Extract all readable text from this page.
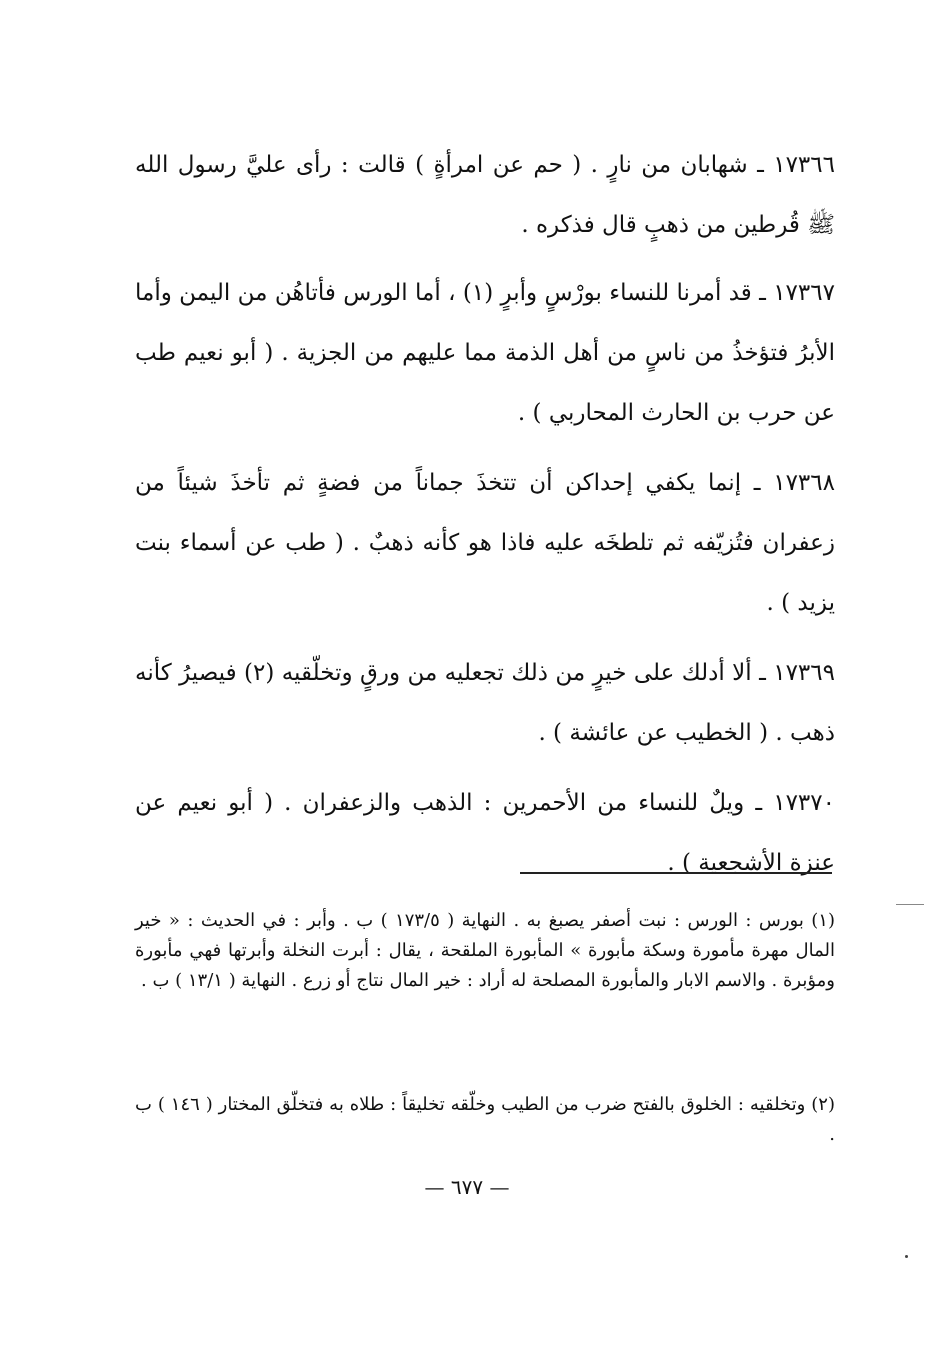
١٧٣٦٦ ـ شهابان من نارٍ . ( حم عن امرأةٍ ) قالت : رأى عليَّ رسول الله ﷺ قُرطين من ذهبٍ قال فذكره .

١٧٣٦٧ ـ قد أمرنا للنساء بورْسٍ وأبرٍ (١) ، أما الورس فأتاهُن من اليمن وأما الأبرُ فتؤخذُ من ناسٍ من أهل الذمة مما عليهم من الجزية . ( أبو نعيم طب عن حرب بن الحارث المحاربي ) .

١٧٣٦٨ ـ إنما يكفي إحداكن أن تتخذَ جماناً من فضةٍ ثم تأخذَ شيئاً من زعفران فتُزيّفه ثم تلطخَه عليه فاذا هو كأنه ذهبٌ . ( طب عن أسماء بنت يزيد ) .

١٧٣٦٩ ـ ألا أدلك على خيرٍ من ذلك تجعليه من ورقٍ وتخلّقيه (٢) فيصيرُ كأنه ذهب . ( الخطيب عن عائشة ) .

١٧٣٧٠ ـ ويلٌ للنساء من الأحمرين : الذهب والزعفران . ( أبو نعيم عن عنزة الأشجعية ) .

(١) بورس : الورس : نبت أصفر يصبغ به . النهاية ( ١٧٣/٥ ) ب . وأبر : في الحديث : « خير المال مهرة مأمورة وسكة مأبورة » المأبورة الملقحة ، يقال : أبرت النخلة وأبرتها فهي مأبورة ومؤبرة . والاسم الابار والمأبورة المصلحة له أراد : خير المال نتاج أو زرع . النهاية ( ١٣/١ ) ب .

(٢) وتخلقيه : الخلوق بالفتح ضرب من الطيب وخلّقه تخليقاً : طلاه به فتخلّق المختار ( ١٤٦ ) ب .

— ٦٧٧ —
